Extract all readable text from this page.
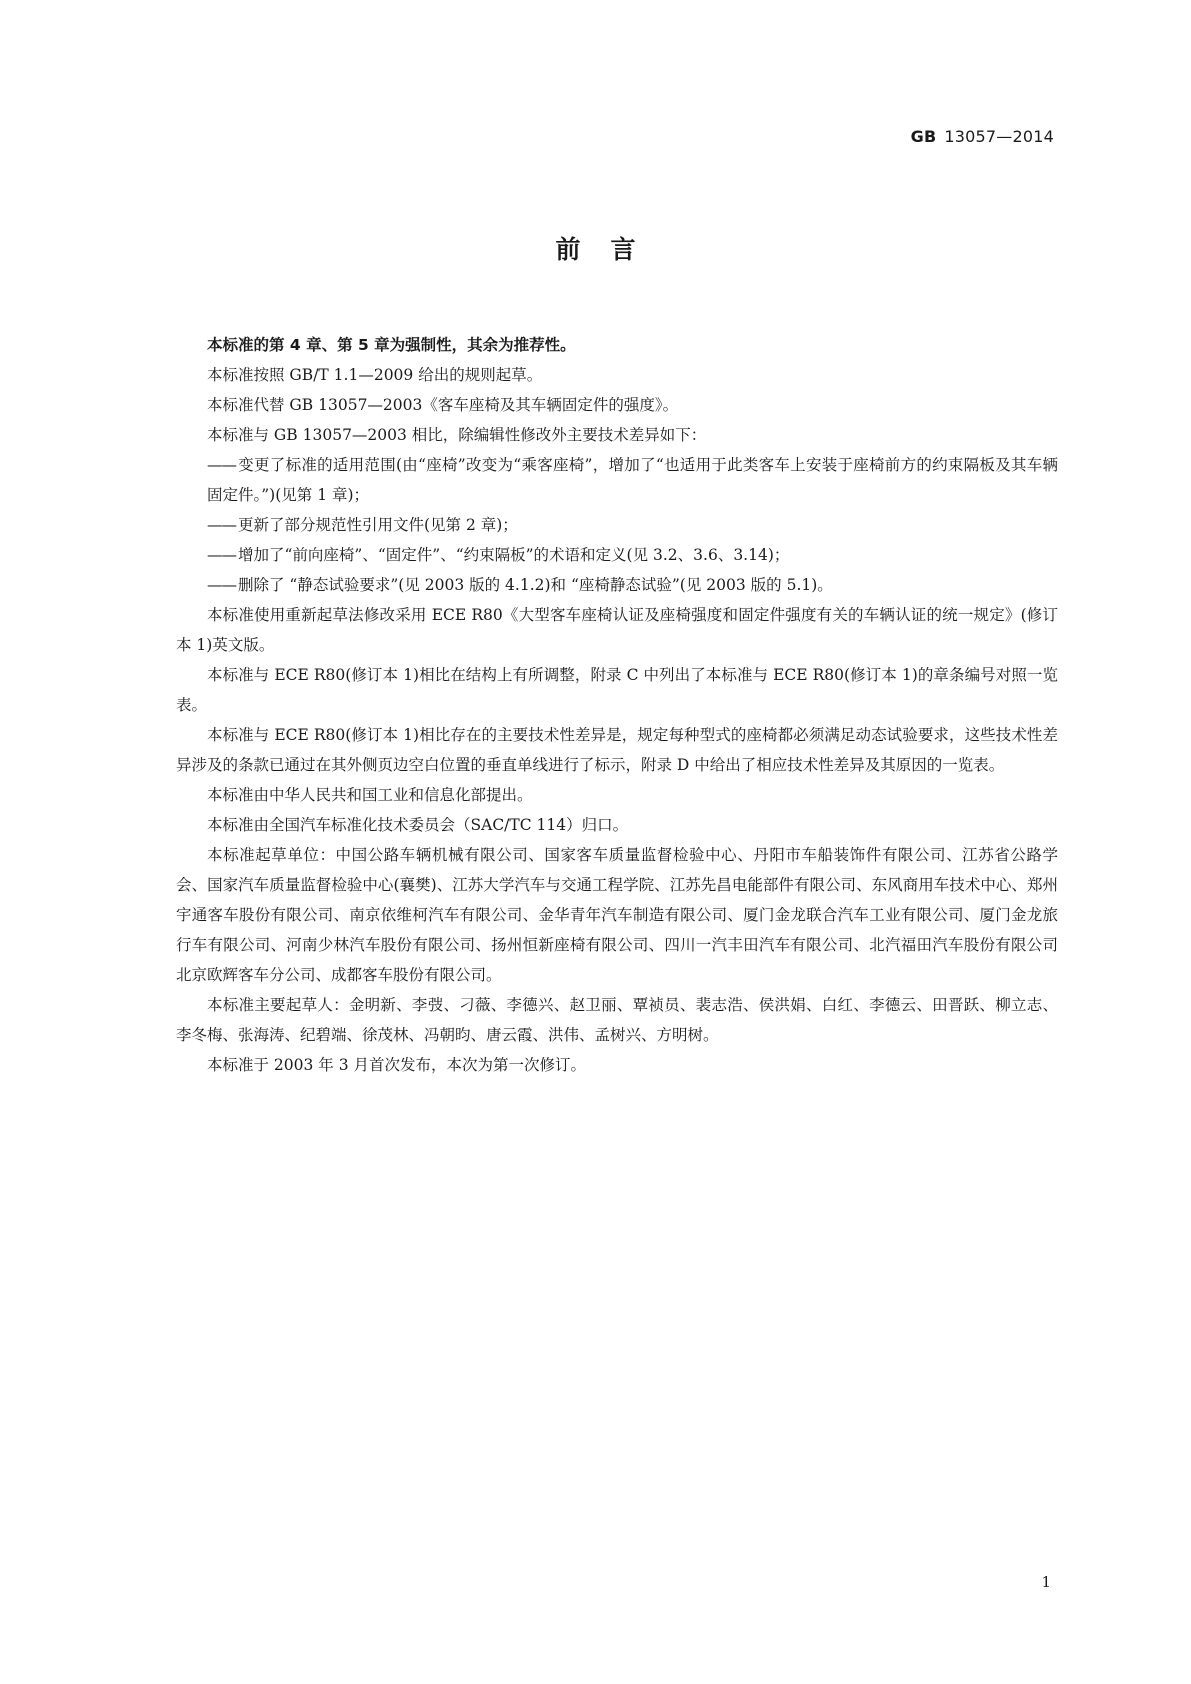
GB 13057—2014
前言

本标准的第 4 章、第 5 章为强制性，其余为推荐性。

本标准按照 GB/T 1.1—2009 给出的规则起草。

本标准代替 GB 13057—2003《客车座椅及其车辆固定件的强度》。

本标准与 GB 13057—2003 相比，除编辑性修改外主要技术差异如下：

—— 变更了标准的适用范围(由“座椅”改变为“乘客座椅”，增加了“也适用于此类客车上安装于座椅前方的约束隔板及其车辆固定件。”)(见第 1 章)；
—— 更新了部分规范性引用文件(见第 2 章)；
—— 增加了“前向座椅”、“固定件”、“约束隔板”的术语和定义(见 3.2、3.6、3.14)；
—— 删除了 “静态试验要求”(见 2003 版的 4.1.2)和 “座椅静态试验”(见 2003 版的 5.1)。

本标准使用重新起草法修改采用 ECE R80《大型客车座椅认证及座椅强度和固定件强度有关的车辆认证的统一规定》(修订本 1)英文版。

本标准与 ECE R80(修订本 1)相比在结构上有所调整，附录 C 中列出了本标准与 ECE R80(修订本 1)的章条编号对照一览表。

本标准与 ECE R80(修订本 1)相比存在的主要技术性差异是，规定每种型式的座椅都必须满足动态试验要求，这些技术性差异涉及的条款已通过在其外侧页边空白位置的垂直单线进行了标示，附录 D 中给出了相应技术性差异及其原因的一览表。

本标准由中华人民共和国工业和信息化部提出。

本标准由全国汽车标准化技术委员会（SAC/TC 114）归口。

本标准起草单位：中国公路车辆机械有限公司、国家客车质量监督检验中心、丹阳市车船装饰件有限公司、江苏省公路学会、国家汽车质量监督检验中心(襄樊)、江苏大学汽车与交通工程学院、江苏先昌电能部件有限公司、东风商用车技术中心、郑州宇通客车股份有限公司、南京依维柯汽车有限公司、金华青年汽车制造有限公司、厦门金龙联合汽车工业有限公司、厦门金龙旅行车有限公司、河南少林汽车股份有限公司、扬州恒新座椅有限公司、四川一汽丰田汽车有限公司、北汽福田汽车股份有限公司北京欧辉客车分公司、成都客车股份有限公司。

本标准主要起草人：金明新、李弢、刁薇、李德兴、赵卫丽、覃祯员、裴志浩、侯洪娟、白红、李德云、田晋跃、柳立志、李冬梅、张海涛、纪碧端、徐茂林、冯朝昀、唐云霞、洪伟、孟树兴、方明树。

本标准于 2003 年 3 月首次发布，本次为第一次修订。

1
